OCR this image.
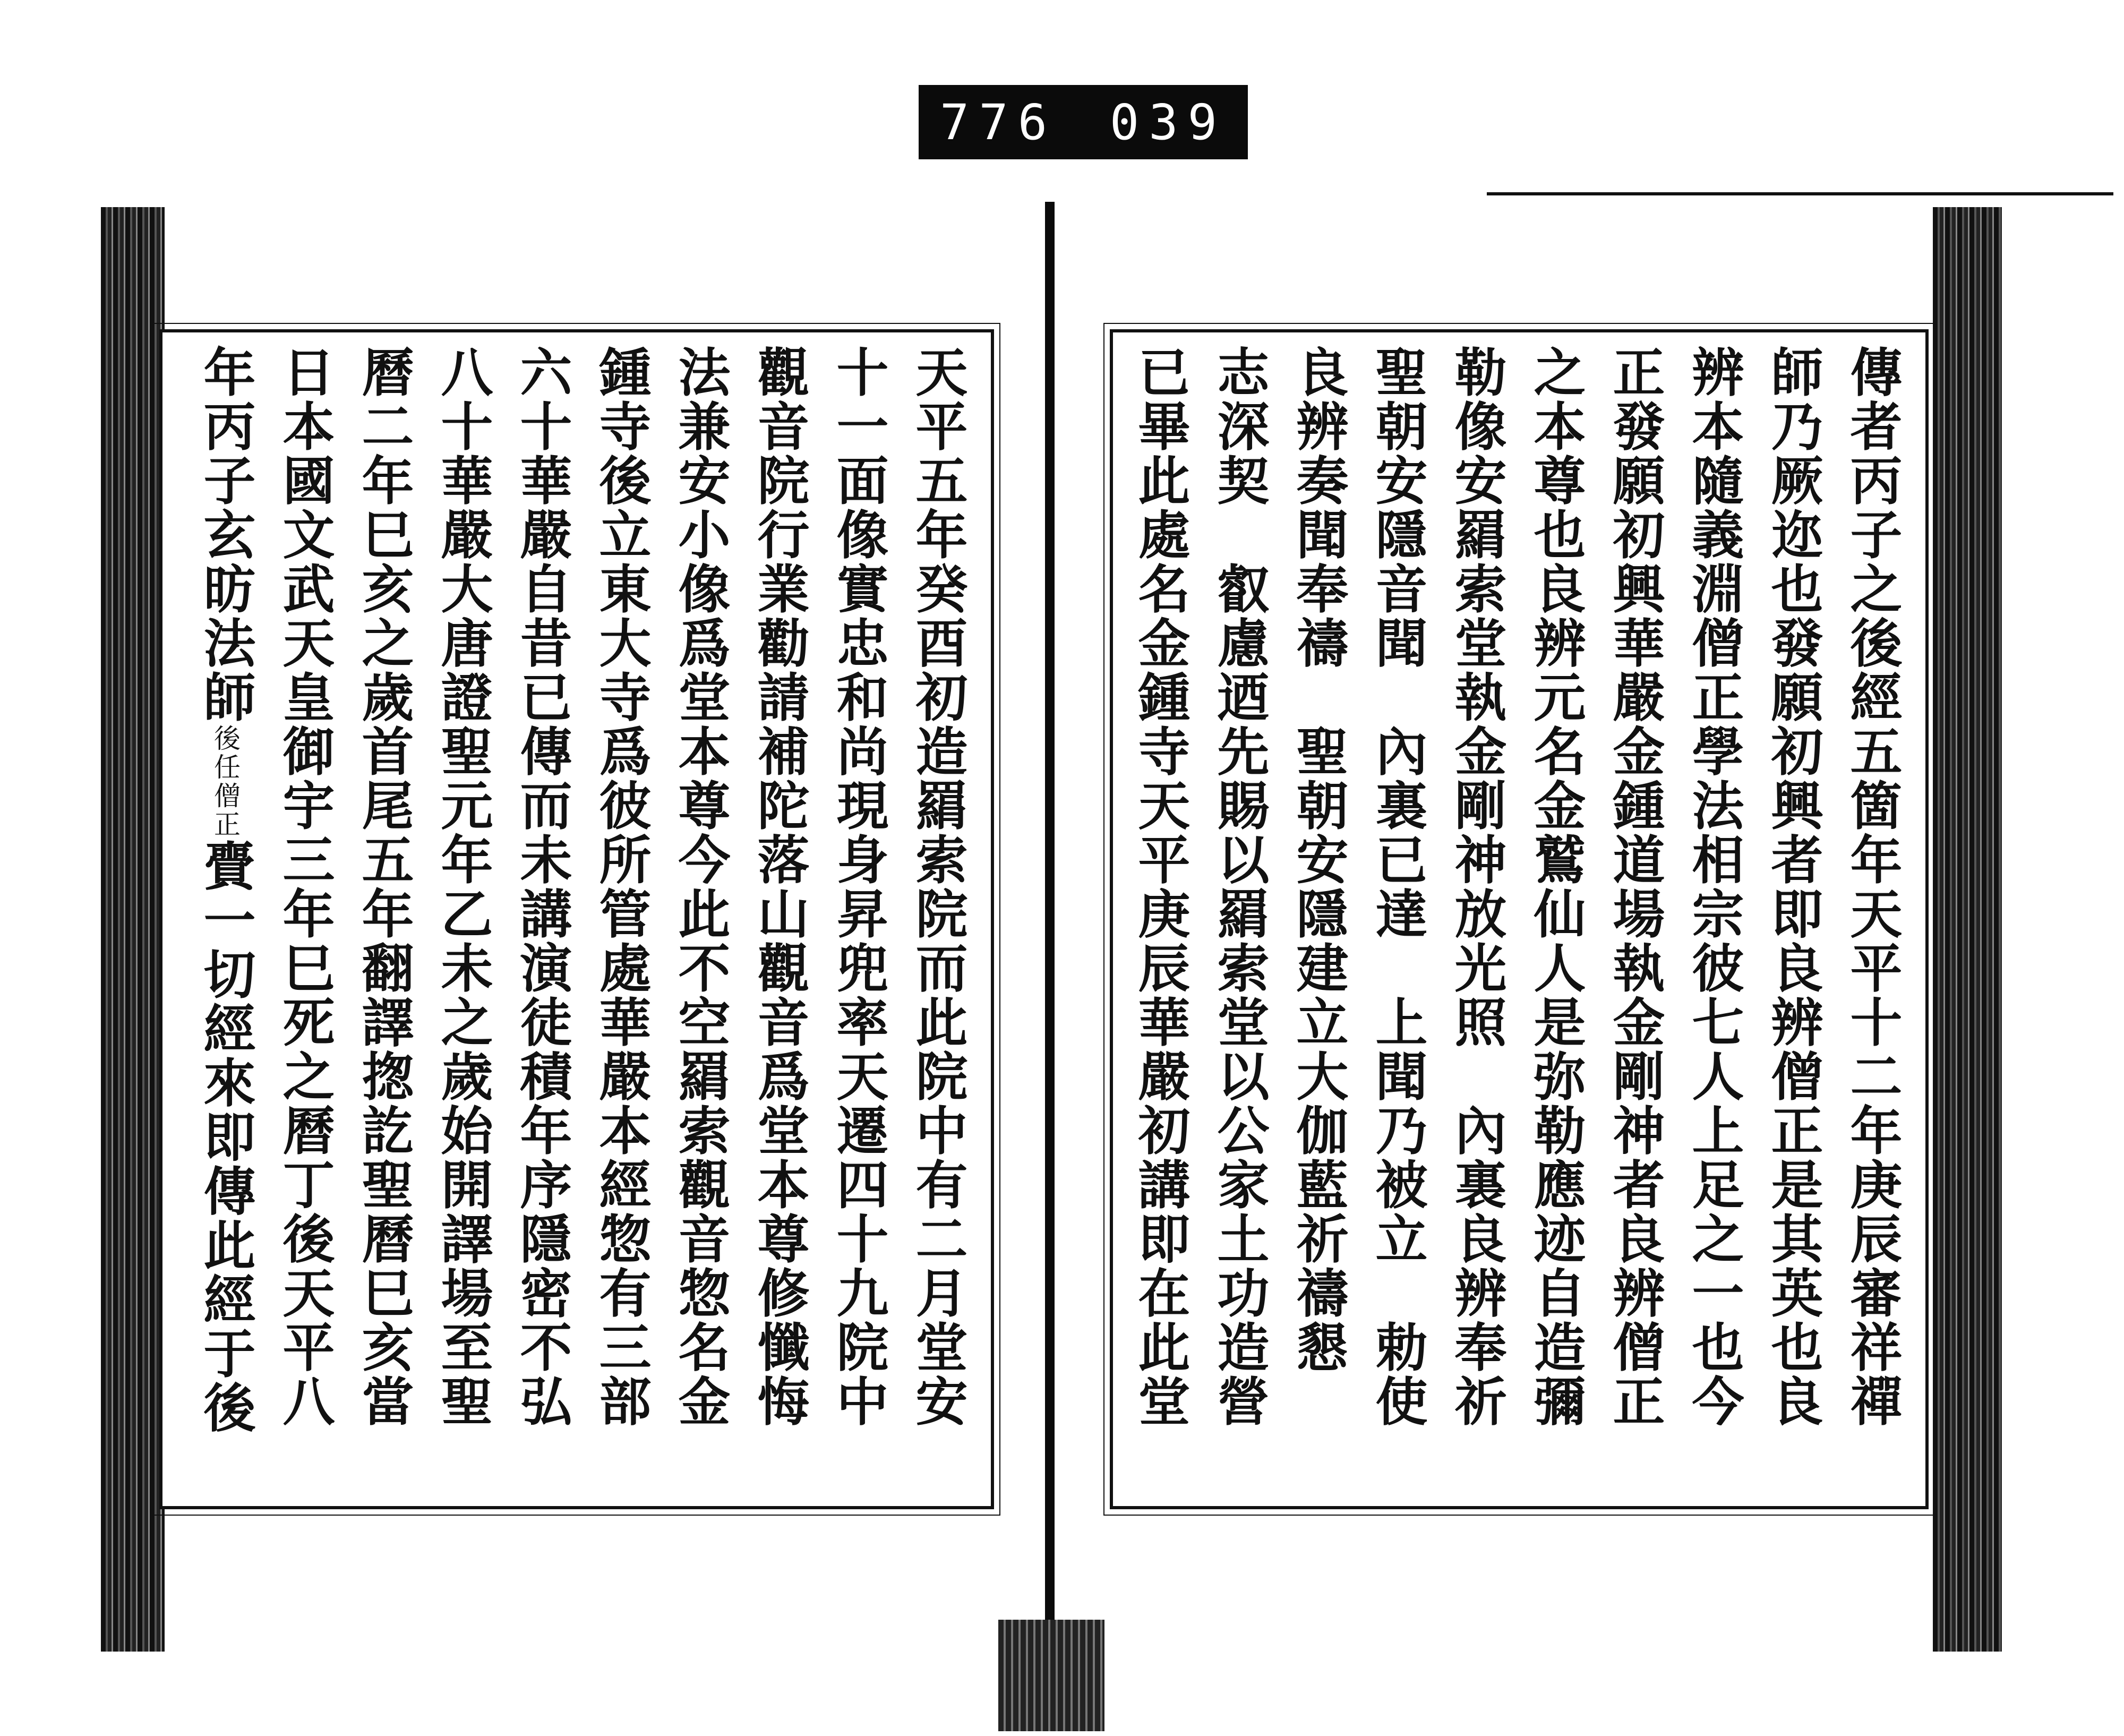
776 039
傳者丙子之後經五箇年天平十二年庚辰審祥禪
師乃厥迩也發願初興者即良辨僧正是其英也良
辨本隨義淵僧正學法相宗彼七人上足之一也今
正發願初興華嚴金鍾道場執金剛神者良辨僧正
之本尊也良辨元名金鷲仙人是弥勒應迹自造彌
勒像安羂索堂執金剛神放光照　內裏良辨奉祈
聖朝安隱音聞　內裏已達　上聞乃被立　勅使
良辨奏聞奉禱　聖朝安隱建立大伽藍祈禱懇
志深契　叡慮迺先賜以羂索堂以公家土功造營
已畢此處名金鍾寺天平庚辰華嚴初講即在此堂
天平五年癸酉初造羂索院而此院中有二月堂安
十一面像實忠和尚現身昇兜率天遷四十九院中
觀音院行業勸請補陀落山觀音爲堂本尊修懺悔
法兼安小像爲堂本尊今此不空羂索觀音惣名金
鍾寺後立東大寺爲彼所管處華嚴本經惣有三部
六十華嚴自昔已傳而未講演徒積年序隱密不弘
八十華嚴大唐證聖元年乙未之歲始開譯場至聖
曆二年巳亥之歲首尾五年翻譯揔訖聖曆巳亥當
日本國文武天皇御宇三年巳死之曆丁後天平八
年丙子玄昉法師後任僧正賷一切經來即傳此經于後
